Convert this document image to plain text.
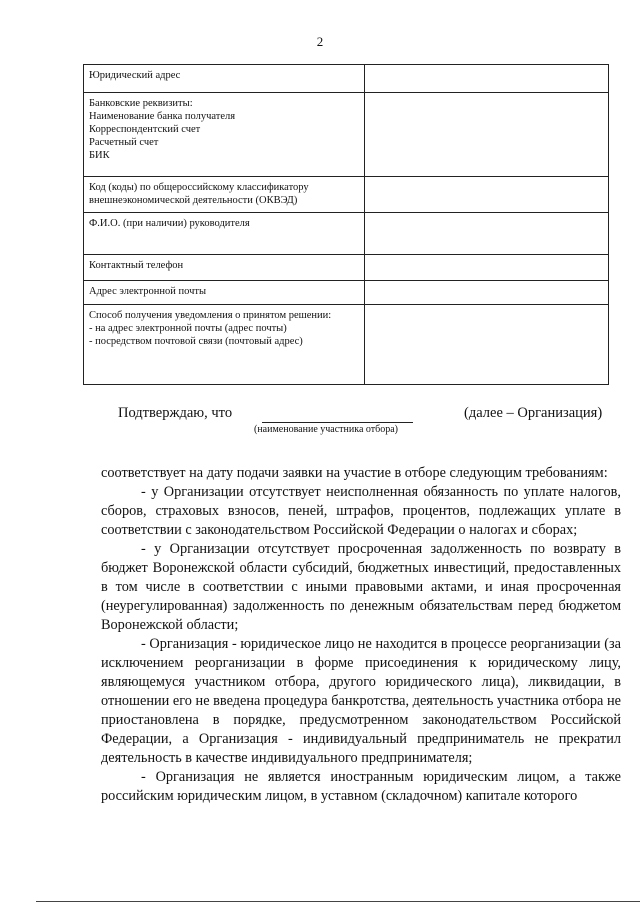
2
Юридический адрес	
Банковские реквизиты:
Наименование банка получателя
Корреспондентский счет
Расчетный счет
БИК	
Код (коды) по общероссийскому классификатору внешнеэкономической деятельности (ОКВЭД)	
Ф.И.О. (при наличии) руководителя	
Контактный телефон	
Адрес электронной почты	
Способ получения уведомления о принятом решении:
- на адрес электронной почты (адрес почты)
- посредством почтовой связи (почтовый адрес)	
Подтверждаю, что
(наименование участника отбора)
(далее – Организация)

соответствует на дату подачи заявки на участие в отборе следующим требованиям:

- у Организации отсутствует неисполненная обязанность по уплате налогов, сборов, страховых взносов, пеней, штрафов, процентов, подлежащих уплате в соответствии с законодательством Российской Федерации о налогах и сборах;

- у Организации отсутствует просроченная задолженность по возврату в бюджет Воронежской области субсидий, бюджетных инвестиций, предоставленных в том числе в соответствии с иными правовыми актами, и иная просроченная (неурегулированная) задолженность по денежным обязательствам перед бюджетом Воронежской области;

- Организация - юридическое лицо не находится в процессе реорганизации (за исключением реорганизации в форме присоединения к юридическому лицу, являющемуся участником отбора, другого юридического лица), ликвидации, в отношении его не введена процедура банкротства, деятельность участника отбора не приостановлена в порядке, предусмотренном законодательством Российской Федерации, а Организация - индивидуальный предприниматель не прекратил деятельность в качестве индивидуального предпринимателя;

- Организация не является иностранным юридическим лицом, а также российским юридическим лицом, в уставном (складочном) капитале которого
